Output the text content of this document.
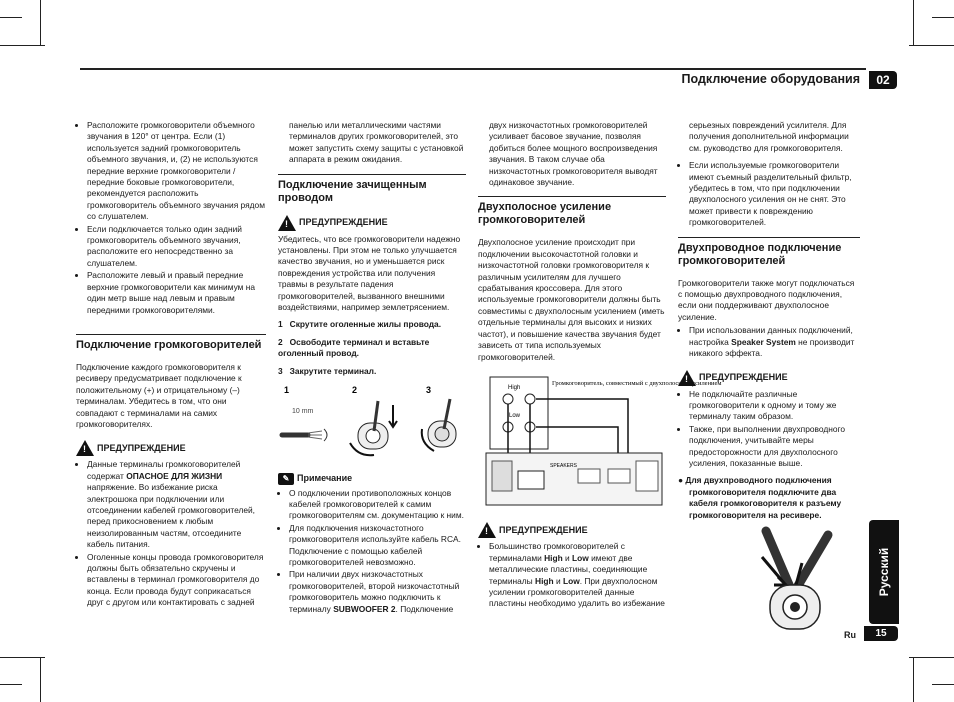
Подключение оборудования	02
• Расположите громкоговорители объемного звучания в 120° от центра. Если (1) используется задний громкоговоритель объемного звучания, и, (2) не используются передние верхние громкоговорители / передние боковые громкоговорители, рекомендуется расположить громкоговоритель объемного звучания рядом со слушателем.
• Если подключается только один задний громкоговоритель объемного звучания, расположите его непосредственно за слушателем.
• Расположите левый и правый передние верхние громкоговорители как минимум на один метр выше над левым и правым передними громкоговорителями.
Подключение громкоговорителей

Подключение каждого громкоговорителя к ресиверу предусматривает подключение к положительному (+) и отрицательному (–) терминалам. Убедитесь в том, что они совпадают с терминалами на самих громкоговорителях.

!
ПРЕДУПРЕЖДЕНИЕ
• Данные терминалы громкоговорителей содержат ОПАСНОЕ ДЛЯ ЖИЗНИ напряжение. Во избежание риска электрошока при подключении или отсоединении кабелей громкоговорителей, перед прикосновением к любым неизолированным частям, отсоедините кабель питания.
• Оголенные концы провода громкоговорителя должны быть обязательно скручены и вставлены в терминал громкоговорителя до конца. Если провода будут соприкасаться друг с другом или контактировать с задней

панелью или металлическими частями терминалов других громкоговорителей, это может запустить схему защиты с установкой аппарата в режим ожидания.

Подключение зачищенным проводом
!
ПРЕДУПРЕЖДЕНИЕ

Убедитесь, что все громкоговорители надежно установлены. При этом не только улучшается качество звучания, но и уменьшается риск повреждения устройства или получения травмы в результате падения громкоговорителей, вызванного внешними воздействиями, например землетрясением.

1 Скрутите оголенные жилы провода.

2 Освободите терминал и вставьте оголенный провод.

3 Закрутите терминал.

1	2	3
10 mm
✎ Примечание
• О подключении противоположных концов кабелей громкоговорителей к самим громкоговорителям см. документацию к ним.
• Для подключения низкочастотного громкоговорителя используйте кабель RCA. Подключение с помощью кабелей громкоговорителей невозможно.
• При наличии двух низкочастотных громкоговорителей, второй низкочастотный громкоговоритель можно подключить к терминалу SUBWOOFER 2. Подключение

двух низкочастотных громкоговорителей усиливает басовое звучание, позволяя добиться более мощного воспроизведения звучания. В таком случае оба низкочастотных громкоговорителя выводят одинаковое звучание.

Двухполосное усиление громкоговорителей

Двухполосное усиление происходит при подключении высокочастотной головки и низкочастотной головки громкоговорителя к различным усилителям для лучшего срабатывания кроссовера. Для этого используемые громкоговорители должны быть совместимы с двухполосным усилением (иметь отдельные терминалы для высоких и низких частот), и повышение качества звучания будет зависеть от типа используемых громкоговорителей.

High
Low
Громкоговоритель, совместимый с двухполосным усилением
SPEAKERS
!
ПРЕДУПРЕЖДЕНИЕ
• Большинство громкоговорителей с терминалами High и Low имеют две металлические пластины, соединяющие терминалы High и Low. При двухполосном усилении громкоговорителей данные пластины необходимо удалить во избежание

серьезных повреждений усилителя. Для получения дополнительной информации см. руководство для громкоговорителя.

• Если используемые громкоговорители имеют съемный разделительный фильтр, убедитесь в том, что при подключении двухполосного усиления он не снят. Это может привести к повреждению громкоговорителей.
Двухпроводное подключение громкоговорителей

Громкоговорители также могут подключаться с помощью двухпроводного подключения, если они поддерживают двухполосное усиление.

• При использовании данных подключений, настройка Speaker System не производит никакого эффекта.
!
ПРЕДУПРЕЖДЕНИЕ
• Не подключайте различные громкоговорители к одному и тому же терминалу таким образом.
• Также, при выполнении двухпроводного подключения, учитывайте меры предосторожности для двухполосного усиления, показанные выше.

● Для двухпроводного подключения громкоговорителя подключите два кабеля громкоговорителя к разъему громкоговорителя на ресивере.

Русский
Ru	15
